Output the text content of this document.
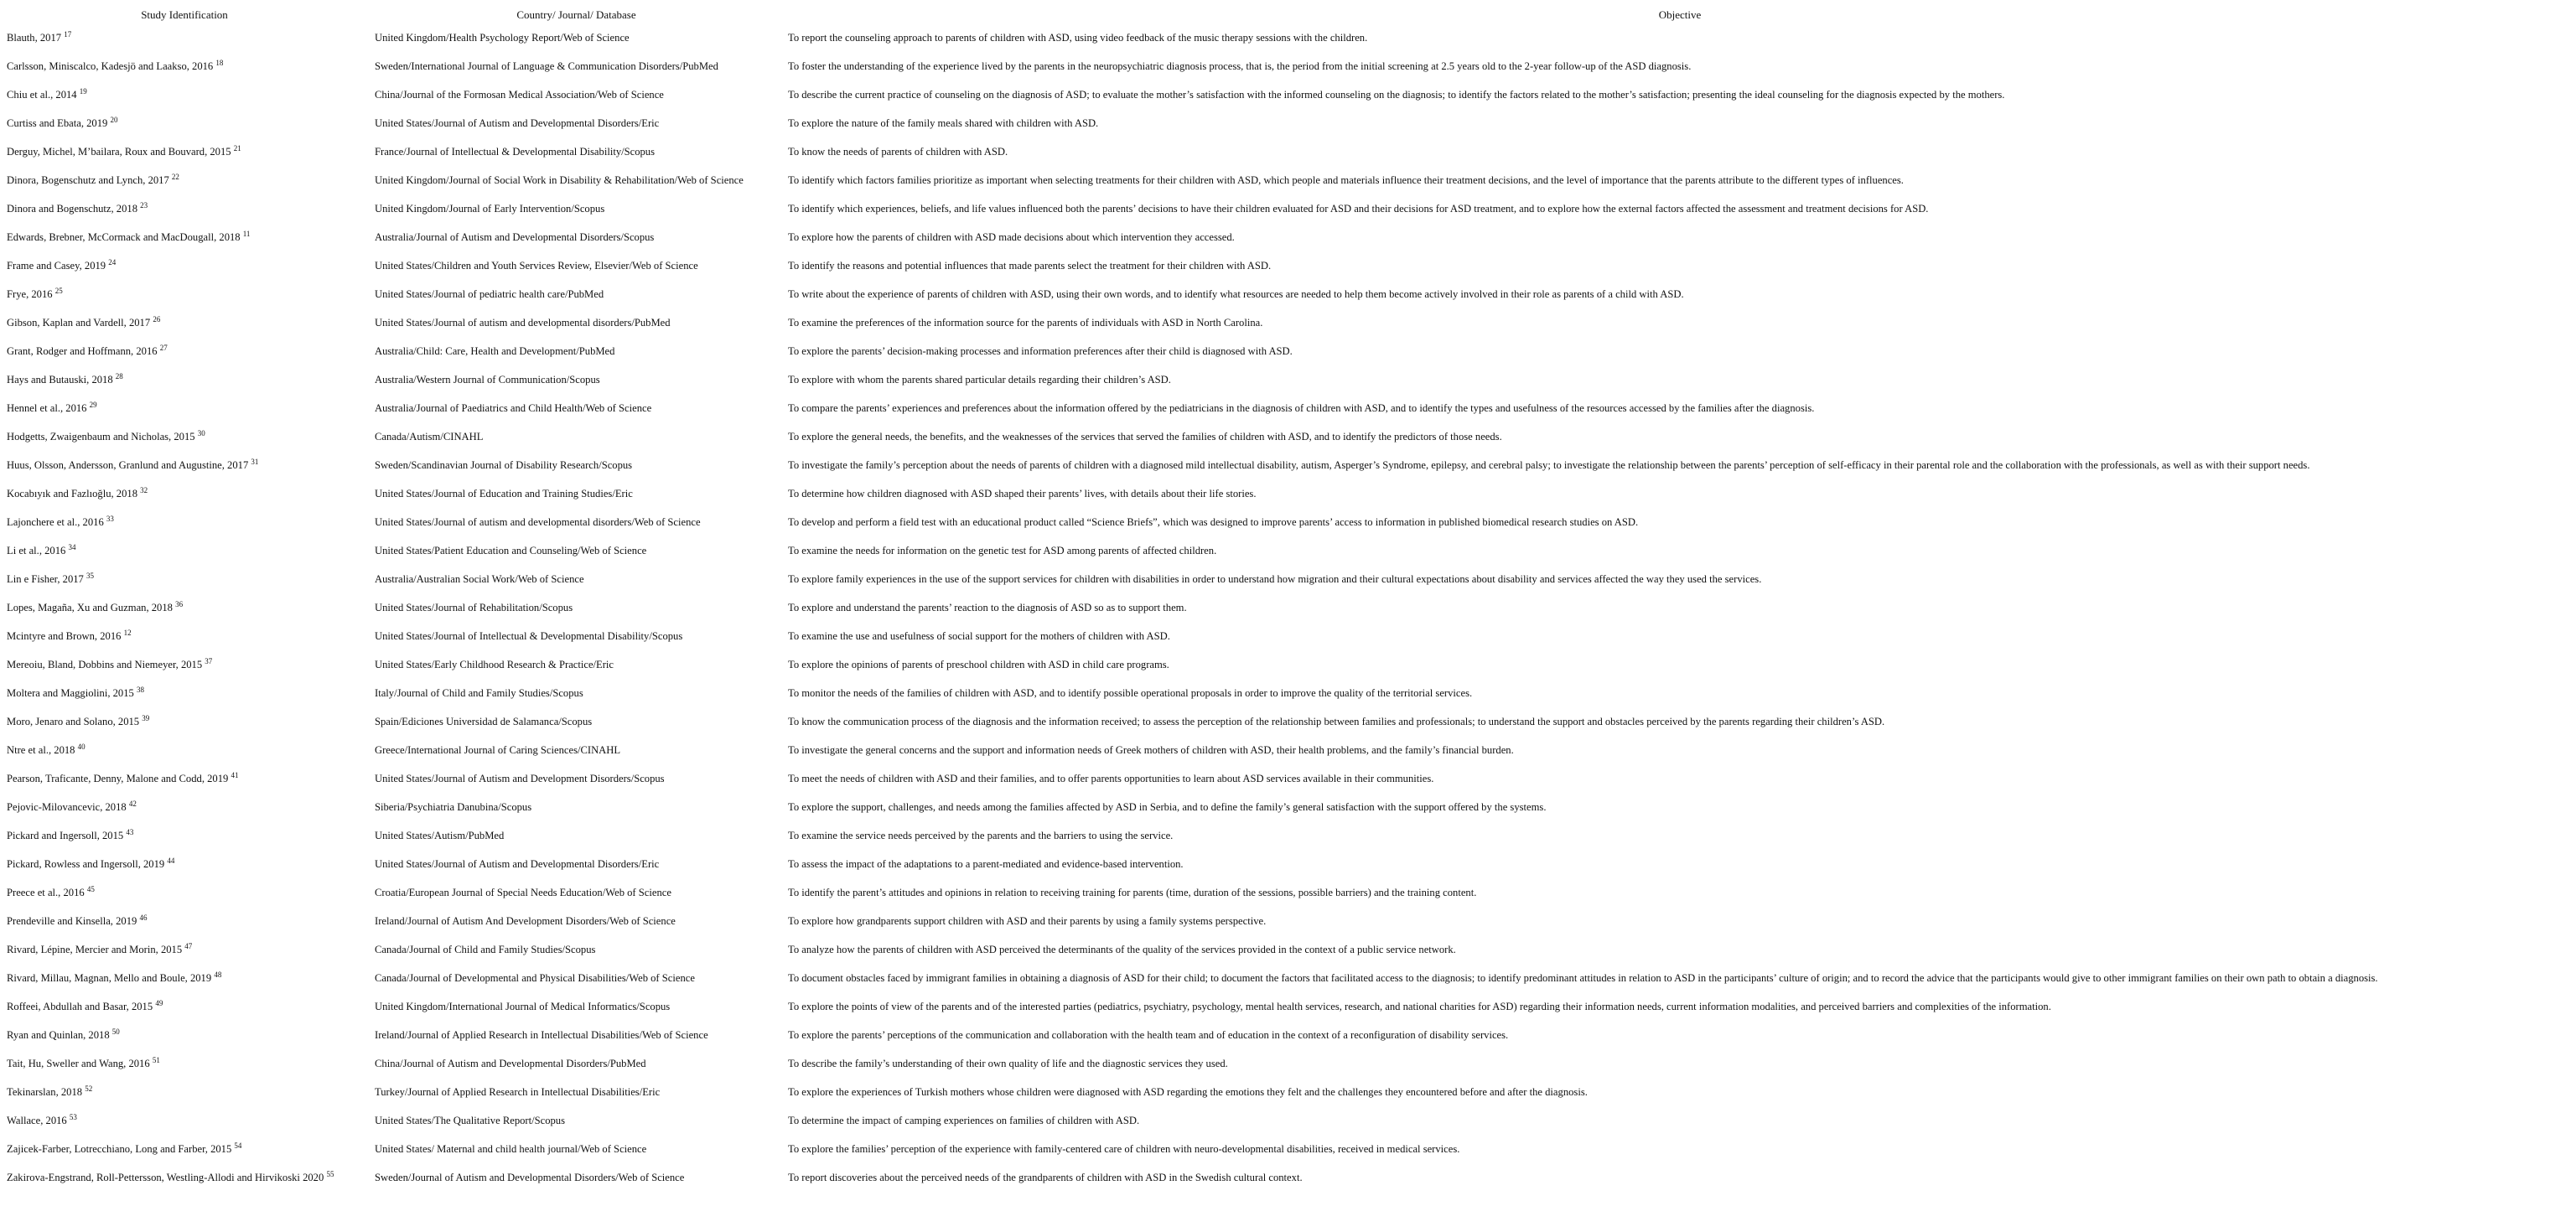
Study Identification	Country/ Journal/ Database	Objective
Blauth, 2017 $^{17}$	United Kingdom/Health Psychology Report/Web of Science	To report the counseling approach to parents of children with ASD, using video feedback of the music therapy sessions with the children.
Carlsson, Miniscalco, Kadesjö and Laakso, 2016 $^{18}$	Sweden/International Journal of Language & Communication Disorders/PubMed	To foster the understanding of the experience lived by the parents in the neuropsychiatric diagnosis process, that is, the period from the initial screening at 2.5 years old to the 2-year follow-up of the ASD diagnosis.
Chiu et al., 2014 $^{19}$	China/Journal of the Formosan Medical Association/Web of Science	To describe the current practice of counseling on the diagnosis of ASD; to evaluate the mother’s satisfaction with the informed counseling on the diagnosis; to identify the factors related to the mother’s satisfaction; presenting the ideal counseling for the diagnosis expected by the mothers.
Curtiss and Ebata, 2019 $^{20}$	United States/Journal of Autism and Developmental Disorders/Eric	To explore the nature of the family meals shared with children with ASD.
Derguy, Michel, M’bailara, Roux and Bouvard, 2015 $^{21}$	France/Journal of Intellectual & Developmental Disability/Scopus	To know the needs of parents of children with ASD.
Dinora, Bogenschutz and Lynch, 2017 $^{22}$	United Kingdom/Journal of Social Work in Disability & Rehabilitation/Web of Science	To identify which factors families prioritize as important when selecting treatments for their children with ASD, which people and materials influence their treatment decisions, and the level of importance that the parents attribute to the different types of influences.
Dinora and Bogenschutz, 2018 $^{23}$	United Kingdom/Journal of Early Intervention/Scopus	To identify which experiences, beliefs, and life values influenced both the parents’ decisions to have their children evaluated for ASD and their decisions for ASD treatment, and to explore how the external factors affected the assessment and treatment decisions for ASD.
Edwards, Brebner, McCormack and MacDougall, 2018 $^{11}$	Australia/Journal of Autism and Developmental Disorders/Scopus	To explore how the parents of children with ASD made decisions about which intervention they accessed.
Frame and Casey, 2019 $^{24}$	United States/Children and Youth Services Review, Elsevier/Web of Science	To identify the reasons and potential influences that made parents select the treatment for their children with ASD.
Frye, 2016 $^{25}$	United States/Journal of pediatric health care/PubMed	To write about the experience of parents of children with ASD, using their own words, and to identify what resources are needed to help them become actively involved in their role as parents of a child with ASD.
Gibson, Kaplan and Vardell, 2017 $^{26}$	United States/Journal of autism and developmental disorders/PubMed	To examine the preferences of the information source for the parents of individuals with ASD in North Carolina.
Grant, Rodger and Hoffmann, 2016 $^{27}$	Australia/Child: Care, Health and Development/PubMed	To explore the parents’ decision-making processes and information preferences after their child is diagnosed with ASD.
Hays and Butauski, 2018 $^{28}$	Australia/Western Journal of Communication/Scopus	To explore with whom the parents shared particular details regarding their children’s ASD.
Hennel et al., 2016 $^{29}$	Australia/Journal of Paediatrics and Child Health/Web of Science	To compare the parents’ experiences and preferences about the information offered by the pediatricians in the diagnosis of children with ASD, and to identify the types and usefulness of the resources accessed by the families after the diagnosis.
Hodgetts, Zwaigenbaum and Nicholas, 2015 $^{30}$	Canada/Autism/CINAHL	To explore the general needs, the benefits, and the weaknesses of the services that served the families of children with ASD, and to identify the predictors of those needs.
Huus, Olsson, Andersson, Granlund and Augustine, 2017 $^{31}$	Sweden/Scandinavian Journal of Disability Research/Scopus	To investigate the family’s perception about the needs of parents of children with a diagnosed mild intellectual disability, autism, Asperger’s Syndrome, epilepsy, and cerebral palsy; to investigate the relationship between the parents’ perception of self-efficacy in their parental role and the collaboration with the professionals, as well as with their support needs.
Kocabıyık and Fazlıoğlu, 2018 $^{32}$	United States/Journal of Education and Training Studies/Eric	To determine how children diagnosed with ASD shaped their parents’ lives, with details about their life stories.
Lajonchere et al., 2016 $^{33}$	United States/Journal of autism and developmental disorders/Web of Science	To develop and perform a field test with an educational product called “Science Briefs”, which was designed to improve parents’ access to information in published biomedical research studies on ASD.
Li et al., 2016 $^{34}$	United States/Patient Education and Counseling/Web of Science	To examine the needs for information on the genetic test for ASD among parents of affected children.
Lin e Fisher, 2017 $^{35}$	Australia/Australian Social Work/Web of Science	To explore family experiences in the use of the support services for children with disabilities in order to understand how migration and their cultural expectations about disability and services affected the way they used the services.
Lopes, Magaña, Xu and Guzman, 2018 $^{36}$	United States/Journal of Rehabilitation/Scopus	To explore and understand the parents’ reaction to the diagnosis of ASD so as to support them.
Mcintyre and Brown, 2016 $^{12}$	United States/Journal of Intellectual & Developmental Disability/Scopus	To examine the use and usefulness of social support for the mothers of children with ASD.
Mereoiu, Bland, Dobbins and Niemeyer, 2015 $^{37}$	United States/Early Childhood Research & Practice/Eric	To explore the opinions of parents of preschool children with ASD in child care programs.
Moltera and Maggiolini, 2015 $^{38}$	Italy/Journal of Child and Family Studies/Scopus	To monitor the needs of the families of children with ASD, and to identify possible operational proposals in order to improve the quality of the territorial services.
Moro, Jenaro and Solano, 2015 $^{39}$	Spain/Ediciones Universidad de Salamanca/Scopus	To know the communication process of the diagnosis and the information received; to assess the perception of the relationship between families and professionals; to understand the support and obstacles perceived by the parents regarding their children’s ASD.
Ntre et al., 2018 $^{40}$	Greece/International Journal of Caring Sciences/CINAHL	To investigate the general concerns and the support and information needs of Greek mothers of children with ASD, their health problems, and the family’s financial burden.
Pearson, Traficante, Denny, Malone and Codd, 2019 $^{41}$	United States/Journal of Autism and Development Disorders/Scopus	To meet the needs of children with ASD and their families, and to offer parents opportunities to learn about ASD services available in their communities.
Pejovic-Milovancevic, 2018 $^{42}$	Siberia/Psychiatria Danubina/Scopus	To explore the support, challenges, and needs among the families affected by ASD in Serbia, and to define the family’s general satisfaction with the support offered by the systems.
Pickard and Ingersoll, 2015 $^{43}$	United States/Autism/PubMed	To examine the service needs perceived by the parents and the barriers to using the service.
Pickard, Rowless and Ingersoll, 2019 $^{44}$	United States/Journal of Autism and Developmental Disorders/Eric	To assess the impact of the adaptations to a parent-mediated and evidence-based intervention.
Preece et al., 2016 $^{45}$	Croatia/European Journal of Special Needs Education/Web of Science	To identify the parent’s attitudes and opinions in relation to receiving training for parents (time, duration of the sessions, possible barriers) and the training content.
Prendeville and Kinsella, 2019 $^{46}$	Ireland/Journal of Autism And Development Disorders/Web of Science	To explore how grandparents support children with ASD and their parents by using a family systems perspective.
Rivard, Lépine, Mercier and Morin, 2015 $^{47}$	Canada/Journal of Child and Family Studies/Scopus	To analyze how the parents of children with ASD perceived the determinants of the quality of the services provided in the context of a public service network.
Rivard, Millau, Magnan, Mello and Boule, 2019 $^{48}$	Canada/Journal of Developmental and Physical Disabilities/Web of Science	To document obstacles faced by immigrant families in obtaining a diagnosis of ASD for their child; to document the factors that facilitated access to the diagnosis; to identify predominant attitudes in relation to ASD in the participants’ culture of origin; and to record the advice that the participants would give to other immigrant families on their own path to obtain a diagnosis.
Roffeei, Abdullah and Basar, 2015 $^{49}$	United Kingdom/International Journal of Medical Informatics/Scopus	To explore the points of view of the parents and of the interested parties (pediatrics, psychiatry, psychology, mental health services, research, and national charities for ASD) regarding their information needs, current information modalities, and perceived barriers and complexities of the information.
Ryan and Quinlan, 2018 $^{50}$	Ireland/Journal of Applied Research in Intellectual Disabilities/Web of Science	To explore the parents’ perceptions of the communication and collaboration with the health team and of education in the context of a reconfiguration of disability services.
Tait, Hu, Sweller and Wang, 2016 $^{51}$	China/Journal of Autism and Developmental Disorders/PubMed	To describe the family’s understanding of their own quality of life and the diagnostic services they used.
Tekinarslan, 2018 $^{52}$	Turkey/Journal of Applied Research in Intellectual Disabilities/Eric	To explore the experiences of Turkish mothers whose children were diagnosed with ASD regarding the emotions they felt and the challenges they encountered before and after the diagnosis.
Wallace, 2016 $^{53}$	United States/The Qualitative Report/Scopus	To determine the impact of camping experiences on families of children with ASD.
Zajicek-Farber, Lotrecchiano, Long and Farber, 2015 $^{54}$	United States/ Maternal and child health journal/Web of Science	To explore the families’ perception of the experience with family-centered care of children with neuro-developmental disabilities, received in medical services.
Zakirova-Engstrand, Roll-Pettersson, Westling-Allodi and Hirvikoski 2020 $^{55}$	Sweden/Journal of Autism and Developmental Disorders/Web of Science	To report discoveries about the perceived needs of the grandparents of children with ASD in the Swedish cultural context.
